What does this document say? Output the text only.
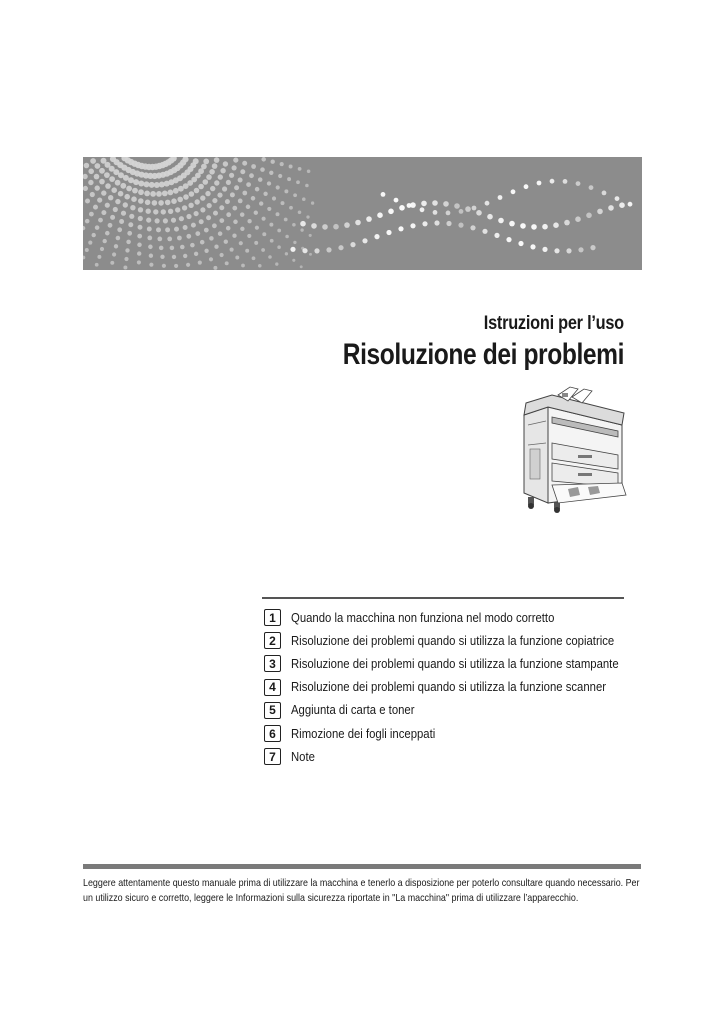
Istruzioni per l’uso
Risoluzione dei problemi
1	Quando la macchina non funziona nel modo corretto
2	Risoluzione dei problemi quando si utilizza la funzione copiatrice
3	Risoluzione dei problemi quando si utilizza la funzione stampante
4	Risoluzione dei problemi quando si utilizza la funzione scanner
5	Aggiunta di carta e toner
6	Rimozione dei fogli inceppati
7	Note
Leggere attentamente questo manuale prima di utilizzare la macchina e tenerlo a disposizione per poterlo consultare quando necessario. Per un utilizzo sicuro e corretto, leggere le Informazioni sulla sicurezza riportate in "La macchina" prima di utilizzare l’apparecchio.
